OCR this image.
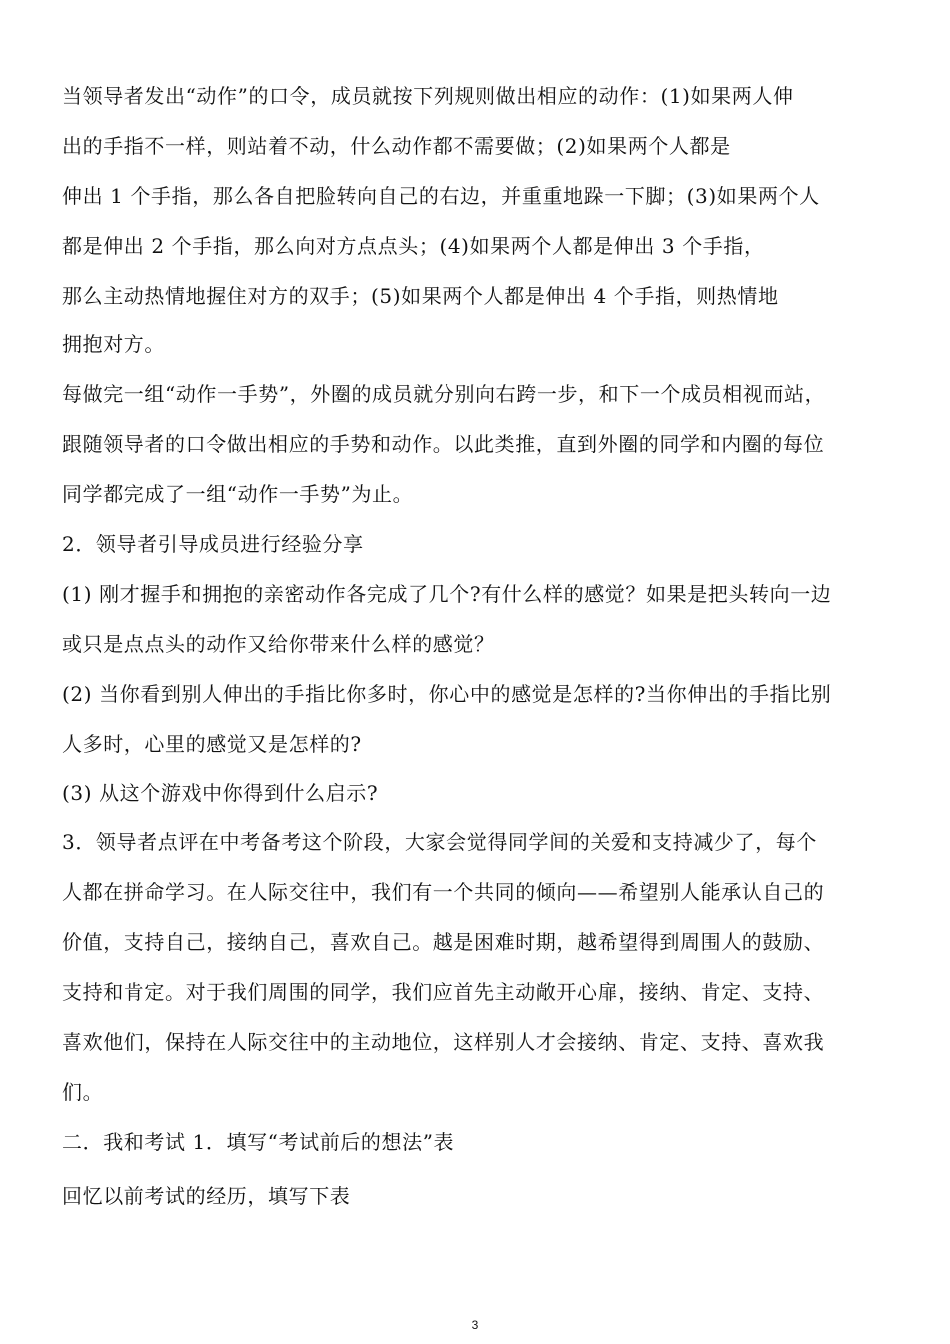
当领导者发出“动作”的口令，成员就按下列规则做出相应的动作：(1)如果两人伸
出的手指不一样，则站着不动，什么动作都不需要做；(2)如果两个人都是
伸出 1 个手指，那么各自把脸转向自己的右边，并重重地跺一下脚；(3)如果两个人
都是伸出 2 个手指，那么向对方点点头；(4)如果两个人都是伸出 3 个手指，
那么主动热情地握住对方的双手；(5)如果两个人都是伸出 4 个手指，则热情地
拥抱对方。
每做完一组“动作一手势”，外圈的成员就分别向右跨一步，和下一个成员相视而站，
跟随领导者的口令做出相应的手势和动作。以此类推，直到外圈的同学和内圈的每位
同学都完成了一组“动作一手势”为止。
2．领导者引导成员进行经验分享
(1) 刚才握手和拥抱的亲密动作各完成了几个?有什么样的感觉？如果是把头转向一边
或只是点点头的动作又给你带来什么样的感觉？
(2) 当你看到别人伸出的手指比你多时，你心中的感觉是怎样的?当你伸出的手指比别
人多时，心里的感觉又是怎样的?
(3) 从这个游戏中你得到什么启示?
3．领导者点评在中考备考这个阶段，大家会觉得同学间的关爱和支持减少了，每个
人都在拼命学习。在人际交往中，我们有一个共同的倾向——希望别人能承认自己的
价值，支持自己，接纳自己，喜欢自己。越是困难时期，越希望得到周围人的鼓励、
支持和肯定。对于我们周围的同学，我们应首先主动敞开心扉，接纳、肯定、支持、
喜欢他们，保持在人际交往中的主动地位，这样别人才会接纳、肯定、支持、喜欢我
们。
二．我和考试 1．填写“考试前后的想法”表
回忆以前考试的经历，填写下表
3
